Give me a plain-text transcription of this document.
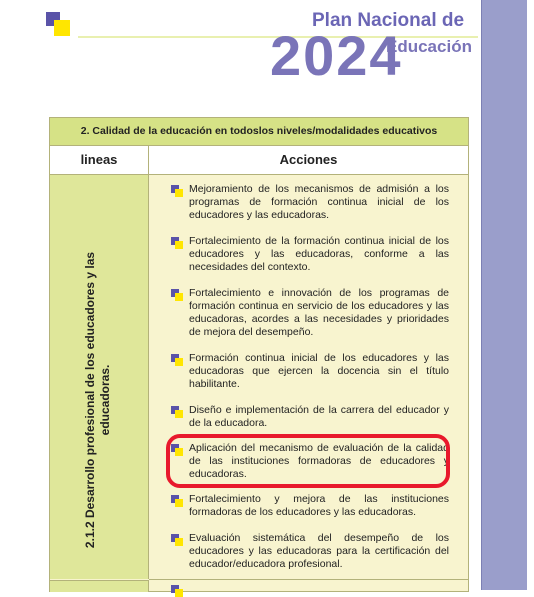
2024
Plan Nacional de
Educación
2. Calidad de la educación en todoslos niveles/modalidades educativos
lineas	Acciones
2.1.2 Desarrollo profesional de los educadores y las educadoras.
Mejoramiento de los mecanismos de admisión a los programas de formación continua inicial de los educadores y las educadoras.
Fortalecimiento de la formación continua inicial de los educadores y las educadoras, conforme a las necesidades del contexto.
Fortalecimiento e innovación de los programas de formación continua en servicio de los educadores y las educadoras, acordes a las necesidades y prioridades de mejora del desempeño.
Formación continua inicial de los educadores y las educadoras que ejercen la docencia sin el título habilitante.
Diseño e implementación de la carrera del educador y de la educadora.
Aplicación del mecanismo de evaluación de la calidad de las instituciones formadoras de educadores y educadoras.
Fortalecimiento y mejora de las instituciones formadoras de los educadores y las educadoras.
Evaluación sistemática del desempeño de los educadores y las educadoras para la certificación del educador/educadora profesional.
